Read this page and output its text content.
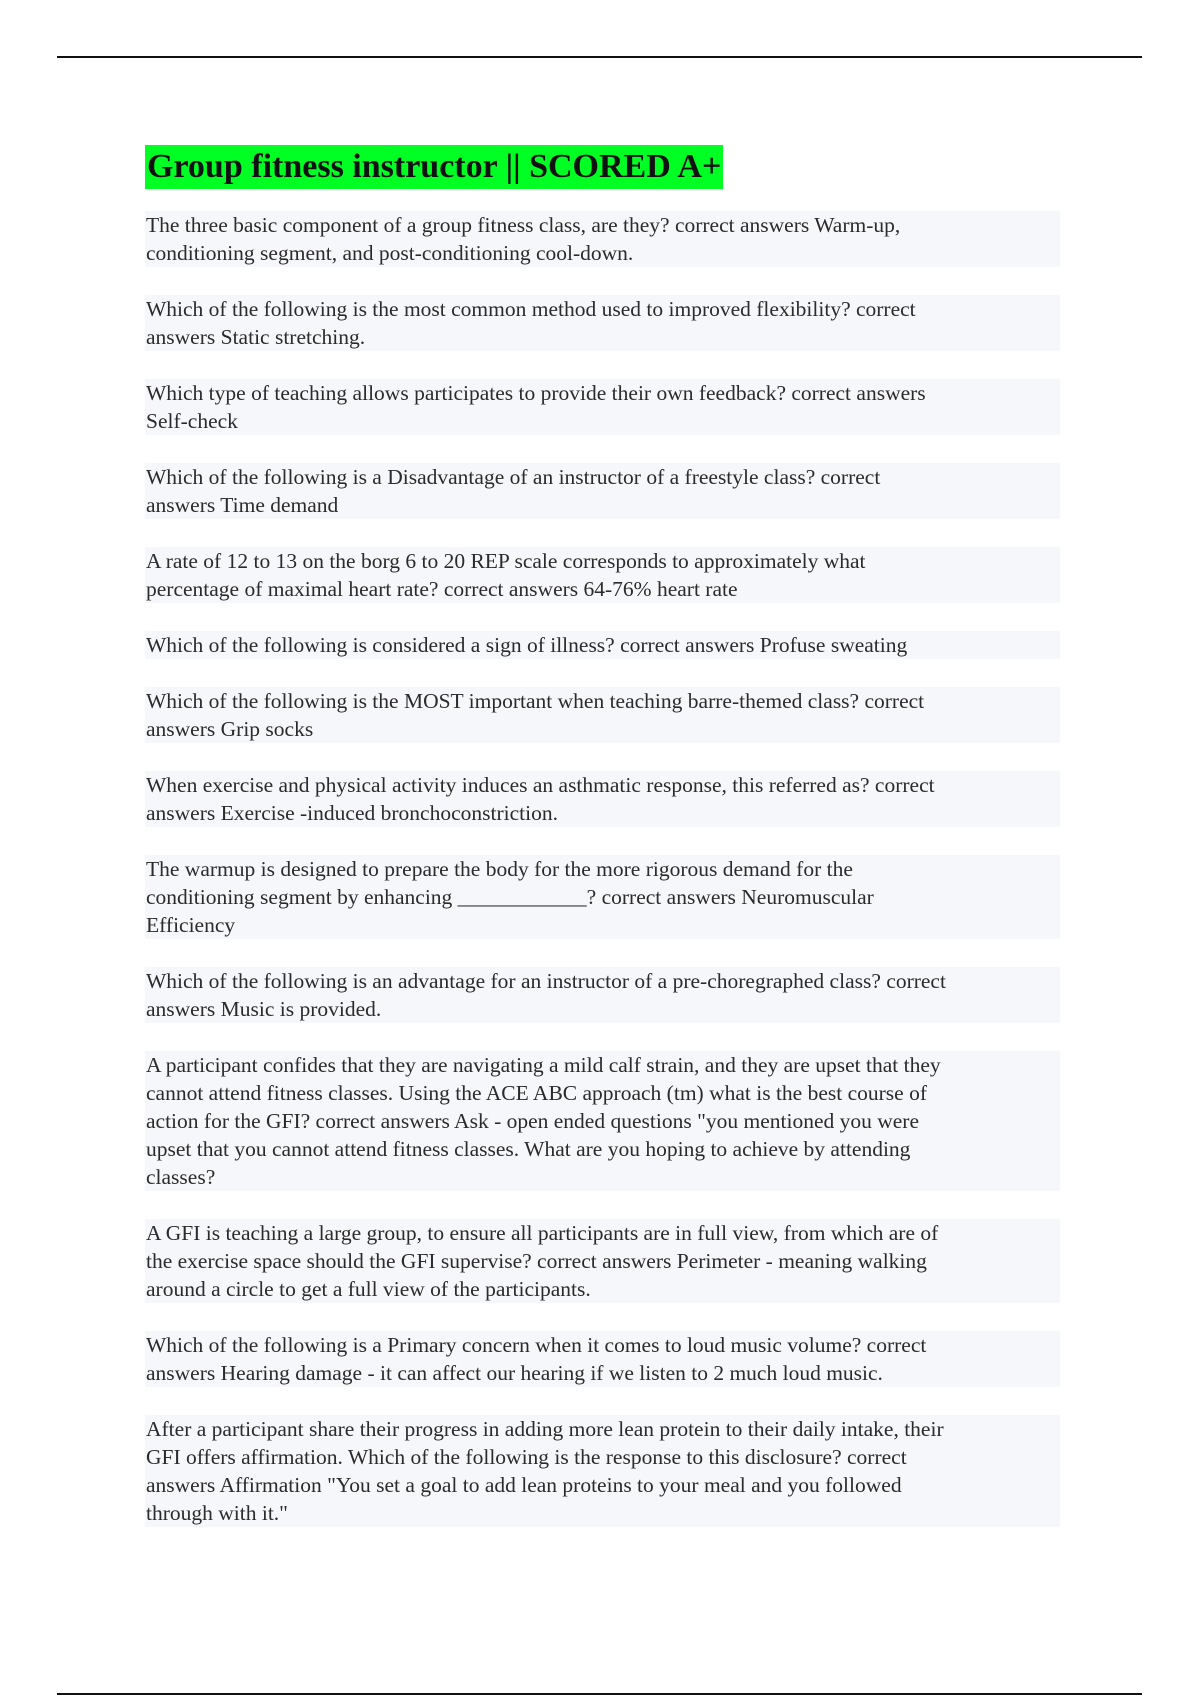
Group fitness instructor || SCORED A+

The three basic component of a group fitness class, are they? correct answers Warm-up,
conditioning segment, and post-conditioning cool-down.

Which of the following is the most common method used to improved flexibility? correct
answers Static stretching.

Which type of teaching allows participates to provide their own feedback? correct answers
Self-check

Which of the following is a Disadvantage of an instructor of a freestyle class? correct
answers Time demand

A rate of 12 to 13 on the borg 6 to 20 REP scale corresponds to approximately what
percentage of maximal heart rate? correct answers 64-76% heart rate

Which of the following is considered a sign of illness? correct answers Profuse sweating

Which of the following is the MOST important when teaching barre-themed class? correct
answers Grip socks

When exercise and physical activity induces an asthmatic response, this referred as? correct
answers Exercise -induced bronchoconstriction.

The warmup is designed to prepare the body for the more rigorous demand for the
conditioning segment by enhancing ____________? correct answers Neuromuscular
Efficiency

Which of the following is an advantage for an instructor of a pre-choregraphed class? correct
answers Music is provided.

A participant confides that they are navigating a mild calf strain, and they are upset that they
cannot attend fitness classes. Using the ACE ABC approach (tm) what is the best course of
action for the GFI? correct answers Ask - open ended questions "you mentioned you were
upset that you cannot attend fitness classes. What are you hoping to achieve by attending
classes?

A GFI is teaching a large group, to ensure all participants are in full view, from which are of
the exercise space should the GFI supervise? correct answers Perimeter - meaning walking
around a circle to get a full view of the participants.

Which of the following is a Primary concern when it comes to loud music volume? correct
answers Hearing damage - it can affect our hearing if we listen to 2 much loud music.

After a participant share their progress in adding more lean protein to their daily intake, their
GFI offers affirmation. Which of the following is the response to this disclosure? correct
answers Affirmation "You set a goal to add lean proteins to your meal and you followed
through with it."
